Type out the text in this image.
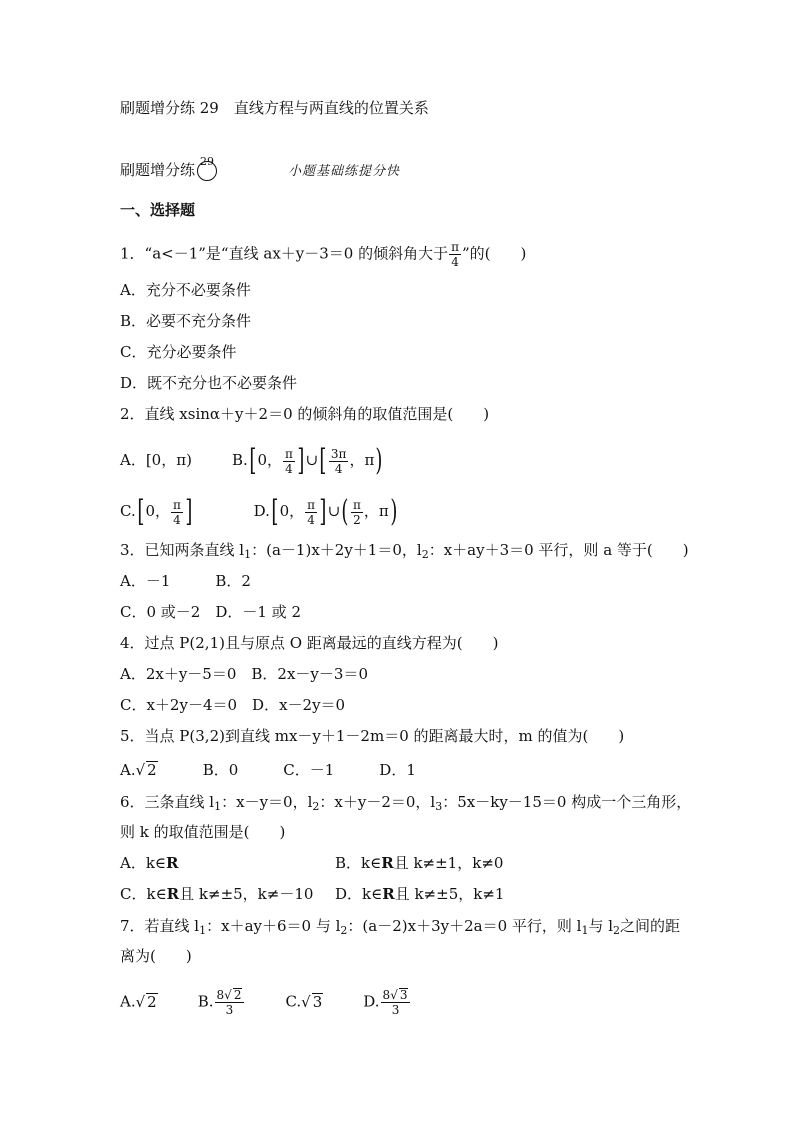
刷题增分练 29　直线方程与两直线的位置关系
刷题增分练 29
小题基础练提分快
一、选择题
1．“a<－1”是“直线 ax＋y－3＝0 的倾斜角大于 $\frac{\pi}{4}$ ”的(　　)
A．充分不必要条件
B．必要不充分条件
C．充分必要条件
D．既不充分也不必要条件
2．直线 xsinα＋y＋2＝0 的倾斜角的取值范围是(　　)
A．[0，π)	B.[0， $\frac{\pi}{4}$ ]∪[ $\frac{3\pi}{4}$ ，π)
C.[0， $\frac{\pi}{4}$ ]	D.[0， $\frac{\pi}{4}$ ]∪( $\frac{\pi}{2}$ ，π)
3．已知两条直线 $l_1$：(a－1)x＋2y＋1＝0，$l_2$：x＋ay＋3＝0 平行，则 a 等于(　　)
A．－1　　　B．2
C．0 或－2　D．－1 或 2
4．过点 P(2,1)且与原点 O 距离最远的直线方程为(　　)
A．2x＋y－5＝0　B．2x－y－3＝0
C．x＋2y－4＝0　D．x－2y＝0
5．当点 P(3,2)到直线 mx－y＋1－2m＝0 的距离最大时，m 的值为(　　)
A.√ 2　　　B．0　　　C．－1　　　D．1
6．三条直线 $l_1$：x－y＝0，$l_2$：x＋y－2＝0，$l_3$：5x－ky－15＝0 构成一个三角形，
则 k 的取值范围是(　　)
A．k∈R	B．k∈R且 k≠±1，k≠0
C．k∈R且 k≠±5，k≠－10 D．k∈R且 k≠±5，k≠1
7．若直线 $l_1$：x＋ay＋6＝0 与 $l_2$：(a－2)x＋3y＋2a＝0 平行，则 $l_1$与 $l_2$之间的距
离为(　　)
A.√ 2	B. $\frac{8√ 2}{3}$	C.√ 3	D. $\frac{8√ 3}{3}$
